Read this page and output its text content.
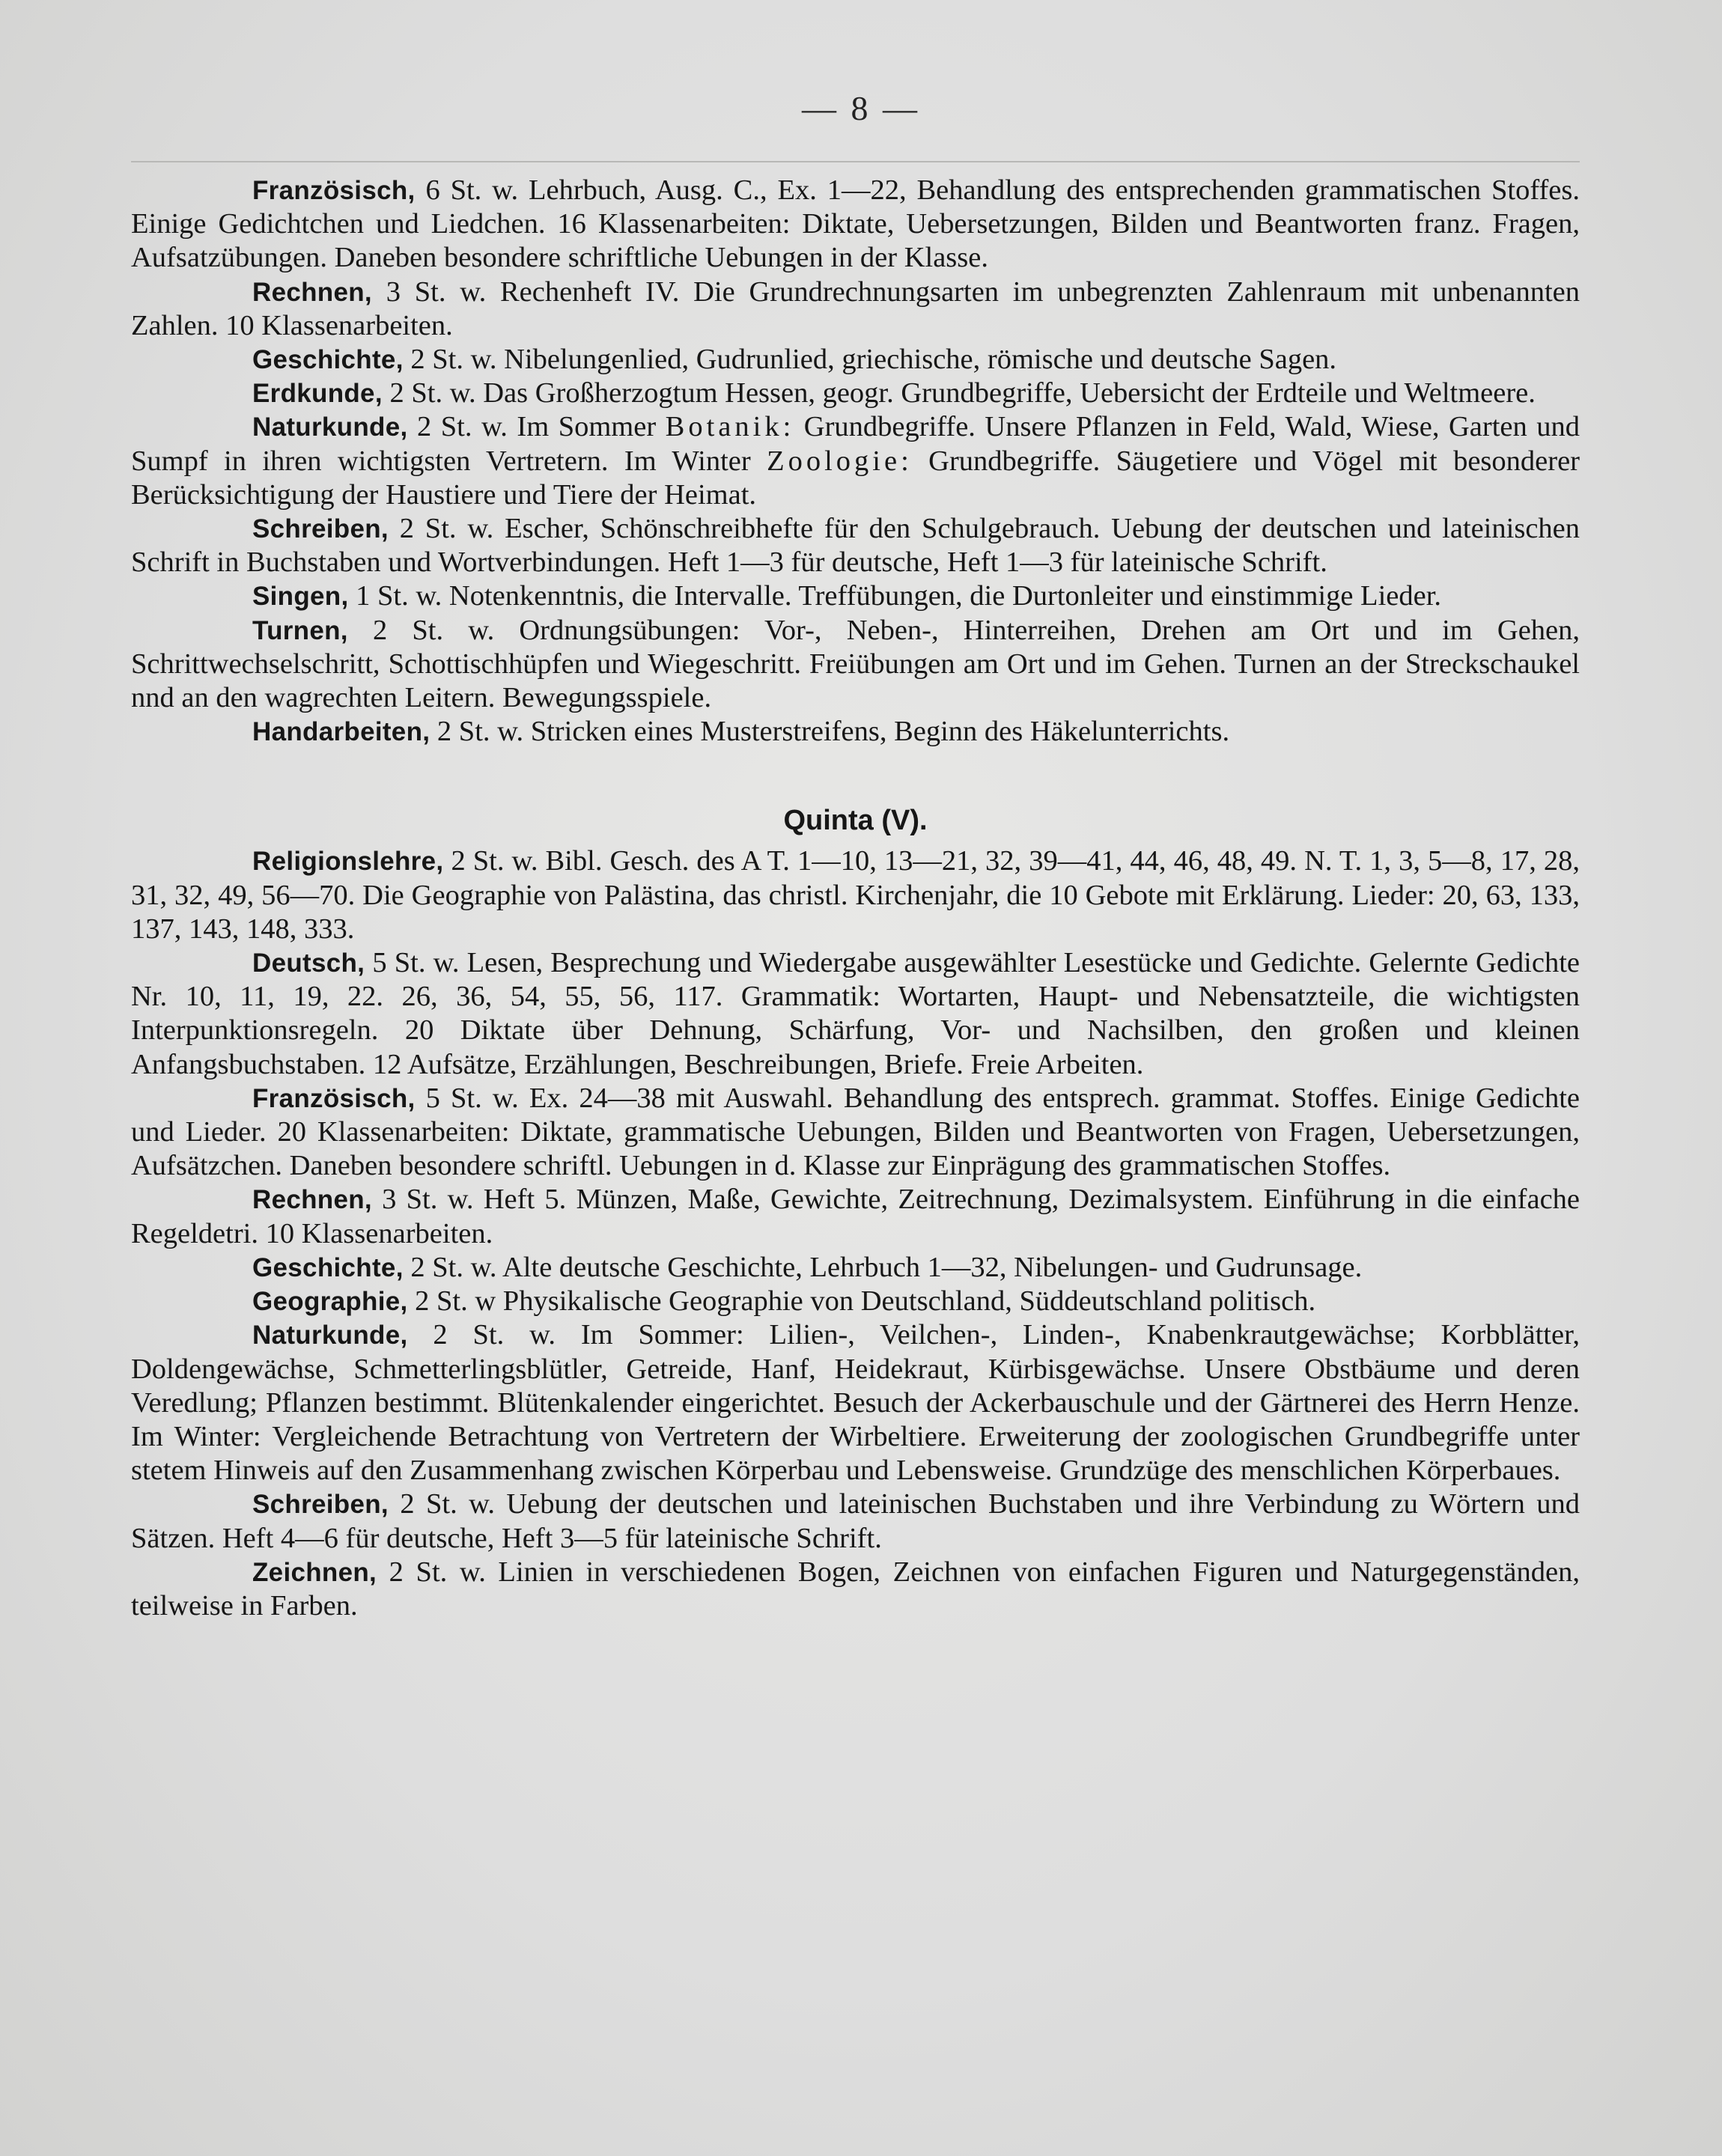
— 8 —

Französisch, 6 St. w. Lehrbuch, Ausg. C., Ex. 1—22, Behandlung des entsprechenden grammatischen Stoffes. Einige Gedichtchen und Liedchen. 16 Klassenarbeiten: Diktate, Uebersetzungen, Bilden und Beantworten franz. Fragen, Aufsatzübungen. Daneben besondere schriftliche Uebungen in der Klasse.

Rechnen, 3 St. w. Rechenheft IV. Die Grundrechnungsarten im unbegrenzten Zahlenraum mit unbenannten Zahlen. 10 Klassenarbeiten.

Geschichte, 2 St. w. Nibelungenlied, Gudrunlied, griechische, römische und deutsche Sagen.

Erdkunde, 2 St. w. Das Großherzogtum Hessen, geogr. Grundbegriffe, Uebersicht der Erdteile und Weltmeere.

Naturkunde, 2 St. w. Im Sommer Botanik: Grundbegriffe. Unsere Pflanzen in Feld, Wald, Wiese, Garten und Sumpf in ihren wichtigsten Vertretern. Im Winter Zoologie: Grundbegriffe. Säugetiere und Vögel mit besonderer Berücksichtigung der Haustiere und Tiere der Heimat.

Schreiben, 2 St. w. Escher, Schönschreibhefte für den Schulgebrauch. Uebung der deutschen und lateinischen Schrift in Buchstaben und Wortverbindungen. Heft 1—3 für deutsche, Heft 1—3 für lateinische Schrift.

Singen, 1 St. w. Notenkenntnis, die Intervalle. Treffübungen, die Durtonleiter und einstimmige Lieder.

Turnen, 2 St. w. Ordnungsübungen: Vor-, Neben-, Hinterreihen, Drehen am Ort und im Gehen, Schrittwechselschritt, Schottischhüpfen und Wiegeschritt. Freiübungen am Ort und im Gehen. Turnen an der Streckschaukel nnd an den wagrechten Leitern. Bewegungsspiele.

Handarbeiten, 2 St. w. Stricken eines Musterstreifens, Beginn des Häkelunterrichts.

Quinta (V).

Religionslehre, 2 St. w. Bibl. Gesch. des A T. 1—10, 13—21, 32, 39—41, 44, 46, 48, 49. N. T. 1, 3, 5—8, 17, 28, 31, 32, 49, 56—70. Die Geographie von Palästina, das christl. Kirchenjahr, die 10 Gebote mit Erklärung. Lieder: 20, 63, 133, 137, 143, 148, 333.

Deutsch, 5 St. w. Lesen, Besprechung und Wiedergabe ausgewählter Lesestücke und Gedichte. Gelernte Gedichte Nr. 10, 11, 19, 22. 26, 36, 54, 55, 56, 117. Grammatik: Wortarten, Haupt- und Nebensatzteile, die wichtigsten Interpunktionsregeln. 20 Diktate über Dehnung, Schärfung, Vor- und Nachsilben, den großen und kleinen Anfangsbuchstaben. 12 Aufsätze, Erzählungen, Beschreibungen, Briefe. Freie Arbeiten.

Französisch, 5 St. w. Ex. 24—38 mit Auswahl. Behandlung des entsprech. grammat. Stoffes. Einige Gedichte und Lieder. 20 Klassenarbeiten: Diktate, grammatische Uebungen, Bilden und Beantworten von Fragen, Uebersetzungen, Aufsätzchen. Daneben besondere schriftl. Uebungen in d. Klasse zur Einprägung des grammatischen Stoffes.

Rechnen, 3 St. w. Heft 5. Münzen, Maße, Gewichte, Zeitrechnung, Dezimalsystem. Einführung in die einfache Regeldetri. 10 Klassenarbeiten.

Geschichte, 2 St. w. Alte deutsche Geschichte, Lehrbuch 1—32, Nibelungen- und Gudrunsage.

Geographie, 2 St. w Physikalische Geographie von Deutschland, Süddeutschland politisch.

Naturkunde, 2 St. w. Im Sommer: Lilien-, Veilchen-, Linden-, Knabenkrautgewächse; Korbblätter, Doldengewächse, Schmetterlingsblütler, Getreide, Hanf, Heidekraut, Kürbisgewächse. Unsere Obstbäume und deren Veredlung; Pflanzen bestimmt. Blütenkalender eingerichtet. Besuch der Ackerbauschule und der Gärtnerei des Herrn Henze. Im Winter: Vergleichende Betrachtung von Vertretern der Wirbeltiere. Erweiterung der zoologischen Grundbegriffe unter stetem Hinweis auf den Zusammenhang zwischen Körperbau und Lebensweise. Grundzüge des menschlichen Körperbaues.

Schreiben, 2 St. w. Uebung der deutschen und lateinischen Buchstaben und ihre Verbindung zu Wörtern und Sätzen. Heft 4—6 für deutsche, Heft 3—5 für lateinische Schrift.

Zeichnen, 2 St. w. Linien in verschiedenen Bogen, Zeichnen von einfachen Figuren und Naturgegenständen, teilweise in Farben.
